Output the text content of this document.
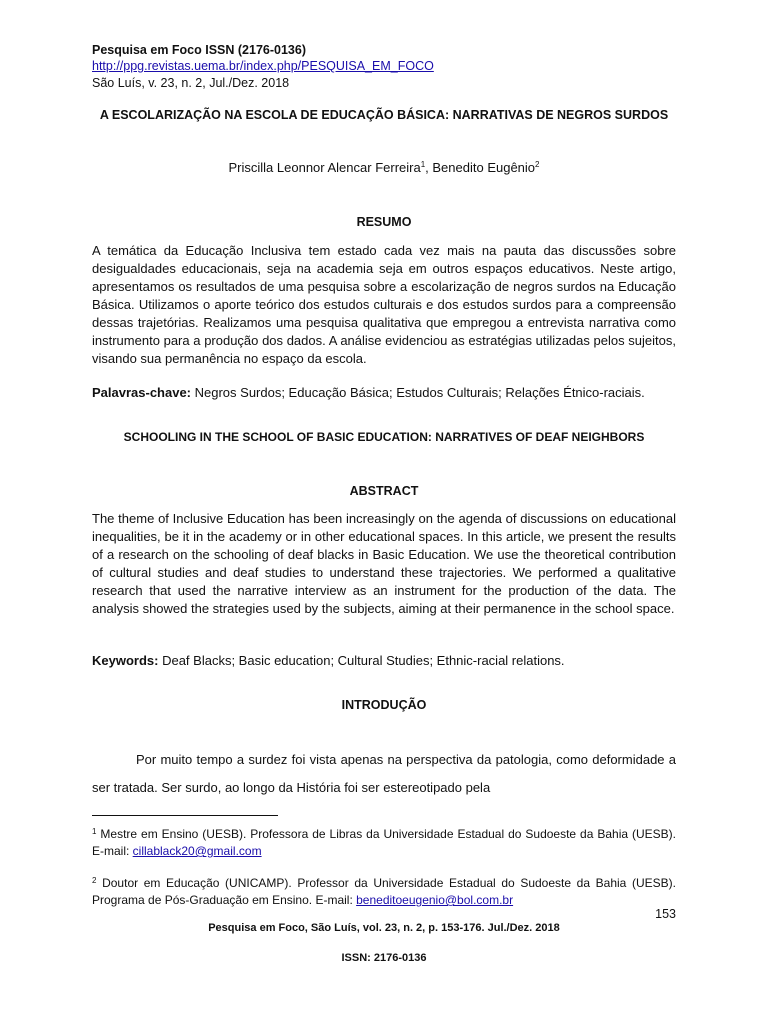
Pesquisa em Foco ISSN (2176-0136)
http://ppg.revistas.uema.br/index.php/PESQUISA_EM_FOCO
São Luís, v. 23, n. 2, Jul./Dez. 2018
A ESCOLARIZAÇÃO NA ESCOLA DE EDUCAÇÃO BÁSICA: NARRATIVAS DE NEGROS SURDOS
Priscilla Leonnor Alencar Ferreira$^1$, Benedito Eugênio$^2$
RESUMO
A temática da Educação Inclusiva tem estado cada vez mais na pauta das discussões sobre desigualdades educacionais, seja na academia seja em outros espaços educativos. Neste artigo, apresentamos os resultados de uma pesquisa sobre a escolarização de negros surdos na Educação Básica. Utilizamos o aporte teórico dos estudos culturais e dos estudos surdos para a compreensão dessas trajetórias. Realizamos uma pesquisa qualitativa que empregou a entrevista narrativa como instrumento para a produção dos dados. A análise evidenciou as estratégias utilizadas pelos sujeitos, visando sua permanência no espaço da escola.
Palavras-chave: Negros Surdos; Educação Básica; Estudos Culturais; Relações Étnico-raciais.
SCHOOLING IN THE SCHOOL OF BASIC EDUCATION: NARRATIVES OF DEAF NEIGHBORS
ABSTRACT
The theme of Inclusive Education has been increasingly on the agenda of discussions on educational inequalities, be it in the academy or in other educational spaces. In this article, we present the results of a research on the schooling of deaf blacks in Basic Education. We use the theoretical contribution of cultural studies and deaf studies to understand these trajectories. We performed a qualitative research that used the narrative interview as an instrument for the production of the data. The analysis showed the strategies used by the subjects, aiming at their permanence in the school space.
Keywords: Deaf Blacks; Basic education; Cultural Studies; Ethnic-racial relations.
INTRODUÇÃO
Por muito tempo a surdez foi vista apenas na perspectiva da patologia, como deformidade a ser tratada. Ser surdo, ao longo da História foi ser estereotipado pela
$^1$ Mestre em Ensino (UESB). Professora de Libras da Universidade Estadual do Sudoeste da Bahia (UESB). E-mail: cillablack20@gmail.com
$^2$ Doutor em Educação (UNICAMP). Professor da Universidade Estadual do Sudoeste da Bahia (UESB). Programa de Pós-Graduação em Ensino. E-mail: beneditoeugenio@bol.com.br
153
Pesquisa em Foco, São Luís, vol. 23, n. 2, p. 153-176. Jul./Dez. 2018
ISSN: 2176-0136
